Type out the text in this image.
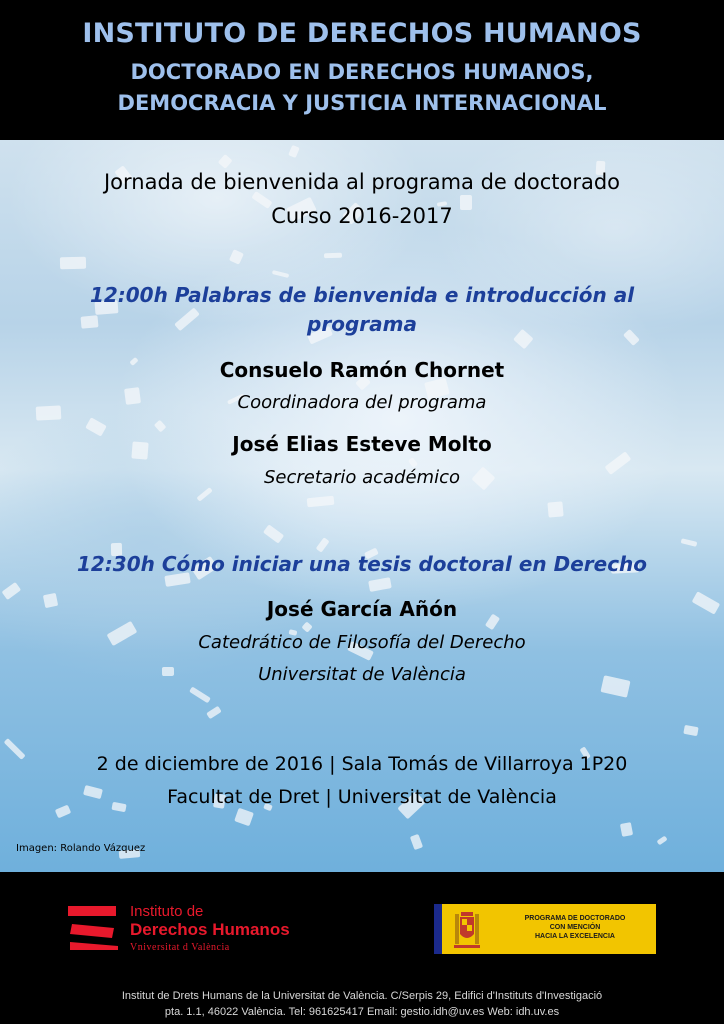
INSTITUTO DE DERECHOS HUMANOS
DOCTORADO EN DERECHOS HUMANOS,
DEMOCRACIA Y JUSTICIA INTERNACIONAL
Jornada de bienvenida al programa de doctorado
Curso 2016-2017
12:00h Palabras de bienvenida e introducción al
programa
Consuelo Ramón Chornet
Coordinadora del programa
José Elias Esteve Molto
Secretario académico
12:30h Cómo iniciar una tesis doctoral en Derecho
José García Añón
Catedrático de Filosofía del Derecho
Universitat de València
2 de diciembre de 2016 | Sala Tomás de Villarroya 1P20
Facultat de Dret | Universitat de València
Imagen: Rolando Vázquez
Instituto de
Derechos Humanos
Vniversitat d València
PROGRAMA DE DOCTORADO
CON MENCIÓN
HACIA LA EXCELENCIA
Institut de Drets Humans de la Universitat de València. C/Serpis 29, Edifici d'Instituts d'Investigació
pta. 1.1, 46022 València. Tel: 961625417 Email: gestio.idh@uv.es Web: idh.uv.es
